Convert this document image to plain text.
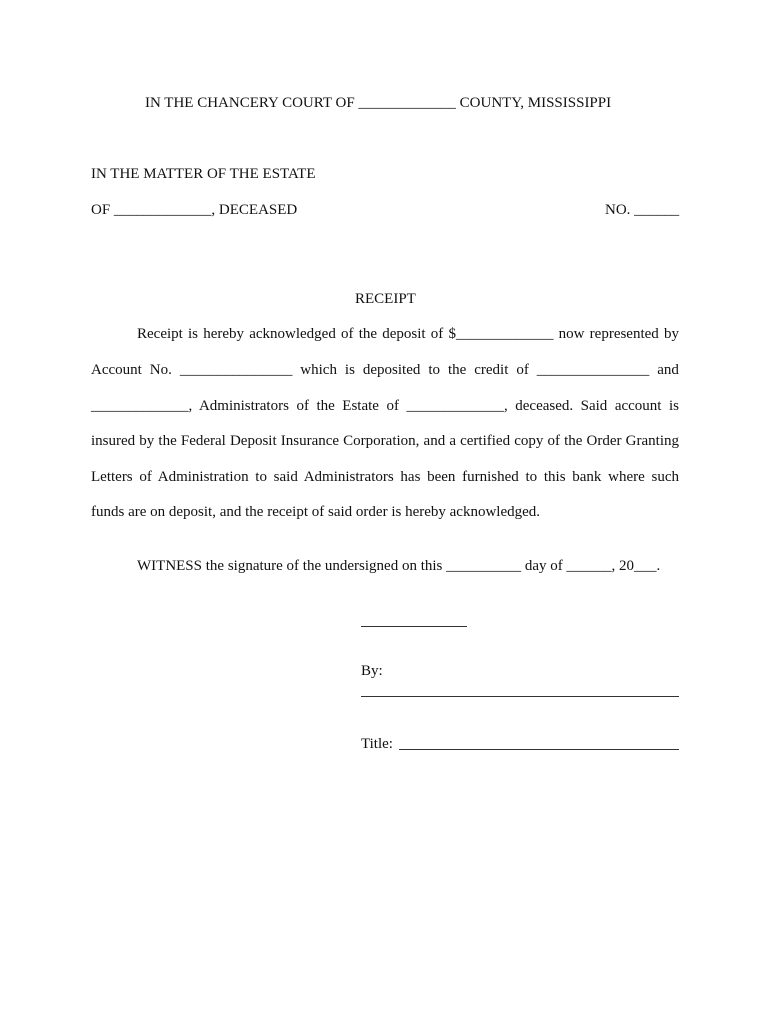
IN THE CHANCERY COURT OF _____________ COUNTY, MISSISSIPPI
IN THE MATTER OF THE ESTATE
OF _____________, DECEASED	NO. ______
RECEIPT
Receipt is hereby acknowledged of the deposit of $_____________ now represented by
Account No. _______________ which is deposited to the credit of _______________ and
_____________, Administrators of the Estate of _____________, deceased. Said account is
insured by the Federal Deposit Insurance Corporation, and a certified copy of the Order Granting
Letters of Administration to said Administrators has been furnished to this bank where such
funds are on deposit, and the receipt of said order is hereby acknowledged.
WITNESS the signature of the undersigned on this __________ day of ______, 20___.
By:
Title:
